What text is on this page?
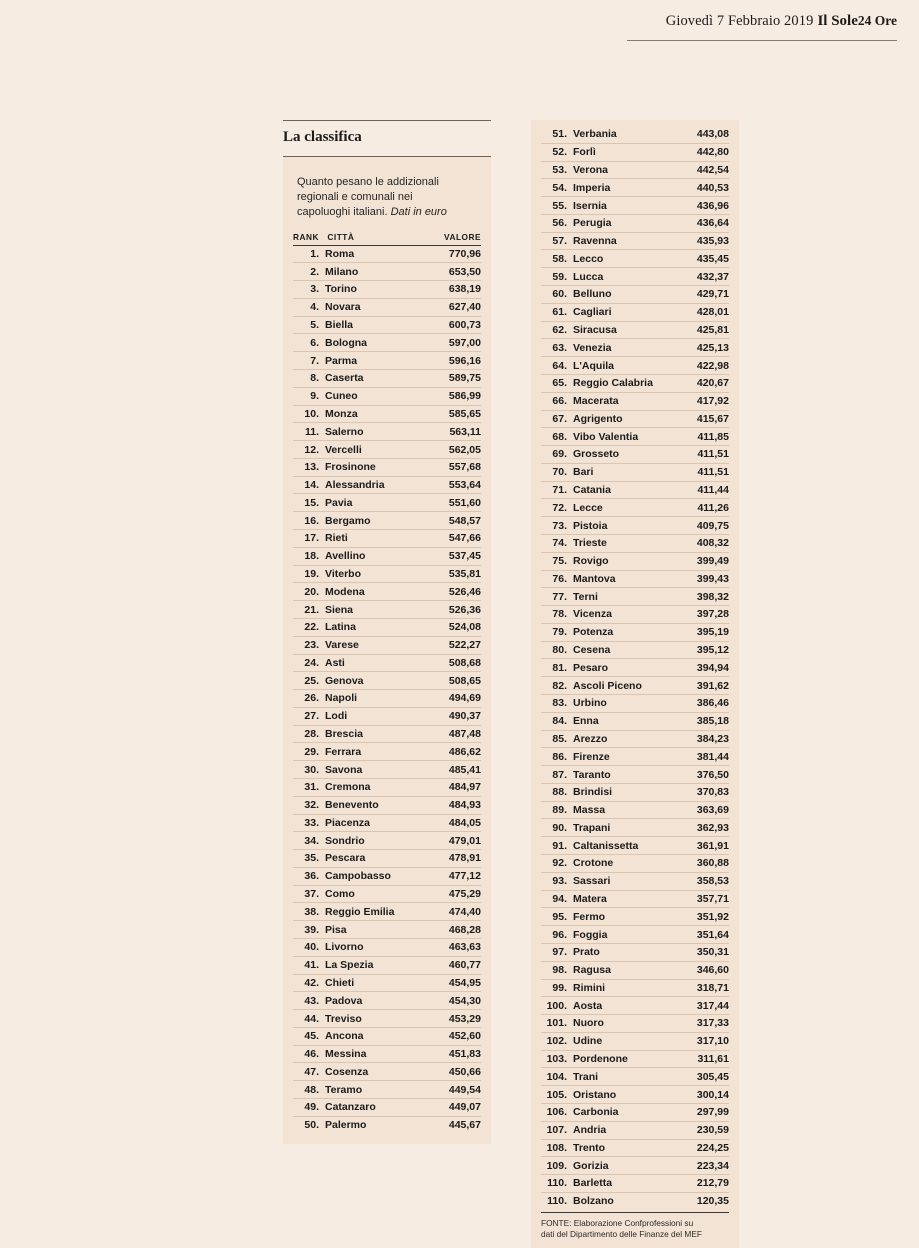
Giovedì 7 Febbraio 2019 Il Sole24 Ore
La classifica
Quanto pesano le addizionali
regionali e comunali nei
capoluoghi italiani. Dati in euro
RANK CITTÀ		VALORE
1.	Roma	770,96
2.	Milano	653,50
3.	Torino	638,19
4.	Novara	627,40
5.	Biella	600,73
6.	Bologna	597,00
7.	Parma	596,16
8.	Caserta	589,75
9.	Cuneo	586,99
10.	Monza	585,65
11.	Salerno	563,11
12.	Vercelli	562,05
13.	Frosinone	557,68
14.	Alessandria	553,64
15.	Pavia	551,60
16.	Bergamo	548,57
17.	Rieti	547,66
18.	Avellino	537,45
19.	Viterbo	535,81
20.	Modena	526,46
21.	Siena	526,36
22.	Latina	524,08
23.	Varese	522,27
24.	Asti	508,68
25.	Genova	508,65
26.	Napoli	494,69
27.	Lodi	490,37
28.	Brescia	487,48
29.	Ferrara	486,62
30.	Savona	485,41
31.	Cremona	484,97
32.	Benevento	484,93
33.	Piacenza	484,05
34.	Sondrio	479,01
35.	Pescara	478,91
36.	Campobasso	477,12
37.	Como	475,29
38.	Reggio Emilia	474,40
39.	Pisa	468,28
40.	Livorno	463,63
41.	La Spezia	460,77
42.	Chieti	454,95
43.	Padova	454,30
44.	Treviso	453,29
45.	Ancona	452,60
46.	Messina	451,83
47.	Cosenza	450,66
48.	Teramo	449,54
49.	Catanzaro	449,07
50.	Palermo	445,67
51.	Verbania	443,08
52.	Forlì	442,80
53.	Verona	442,54
54.	Imperia	440,53
55.	Isernia	436,96
56.	Perugia	436,64
57.	Ravenna	435,93
58.	Lecco	435,45
59.	Lucca	432,37
60.	Belluno	429,71
61.	Cagliari	428,01
62.	Siracusa	425,81
63.	Venezia	425,13
64.	L'Aquila	422,98
65.	Reggio Calabria	420,67
66.	Macerata	417,92
67.	Agrigento	415,67
68.	Vibo Valentia	411,85
69.	Grosseto	411,51
70.	Bari	411,51
71.	Catania	411,44
72.	Lecce	411,26
73.	Pistoia	409,75
74.	Trieste	408,32
75.	Rovigo	399,49
76.	Mantova	399,43
77.	Terni	398,32
78.	Vicenza	397,28
79.	Potenza	395,19
80.	Cesena	395,12
81.	Pesaro	394,94
82.	Ascoli Piceno	391,62
83.	Urbino	386,46
84.	Enna	385,18
85.	Arezzo	384,23
86.	Firenze	381,44
87.	Taranto	376,50
88.	Brindisi	370,83
89.	Massa	363,69
90.	Trapani	362,93
91.	Caltanissetta	361,91
92.	Crotone	360,88
93.	Sassari	358,53
94.	Matera	357,71
95.	Fermo	351,92
96.	Foggia	351,64
97.	Prato	350,31
98.	Ragusa	346,60
99.	Rimini	318,71
100.	Aosta	317,44
101.	Nuoro	317,33
102.	Udine	317,10
103.	Pordenone	311,61
104.	Trani	305,45
105.	Oristano	300,14
106.	Carbonia	297,99
107.	Andria	230,59
108.	Trento	224,25
109.	Gorizia	223,34
110.	Barletta	212,79
110.	Bolzano	120,35
FONTE: Elaborazione Confprofessioni su
dati del Dipartimento delle Finanze del MEF
